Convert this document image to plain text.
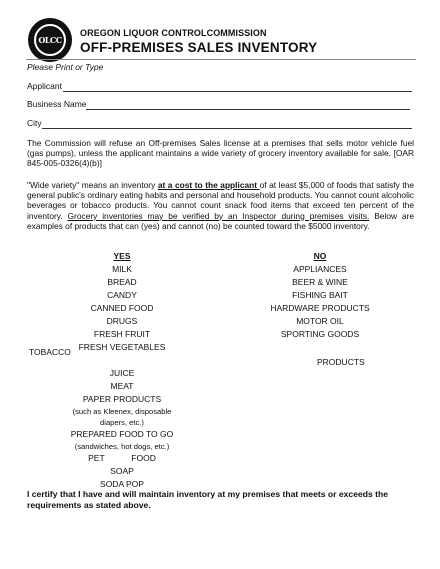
OLCC
OREGON LIQUOR CONTROLCOMMISSION
OFF-PREMISES SALES INVENTORY
Please Print or Type
Applicant
Business Name
City
The Commission will refuse an Off-premises Sales license at a premises that sells motor vehicle fuel (gas pumps), unless the applicant maintains a wide variety of grocery inventory available for sale. [OAR 845-005-0326(4)(b)]
"Wide variety" means an inventory at a cost to the applicant of at least $5,000 of foods that satisfy the general public's ordinary eating habits and personal and household products. You cannot count alcoholic beverages or tobacco products. You cannot count snack food items that exceed ten percent of the inventory. Grocery inventories may be verified by an Inspector during premises visits. Below are examples of products that can (yes) and cannot (no) be counted toward the $5000 inventory.
YES
MILK
BREAD
CANDY
CANNED FOOD
DRUGS
FRESH FRUIT
FRESH VEGETABLES
JUICE
MEAT
PAPER PRODUCTS
(such as Kleenex, disposable diapers, etc.)
PREPARED FOOD TO GO
(sandwiches, hot dogs, etc.)
PET	FOOD
SOAP
SODA POP
TOBACCO
NO
APPLIANCES
BEER & WINE
FISHING BAIT
HARDWARE PRODUCTS
MOTOR OIL
SPORTING GOODS
PRODUCTS
I certify that I have and will maintain inventory at my premises that meets or exceeds the requirements as stated above.
